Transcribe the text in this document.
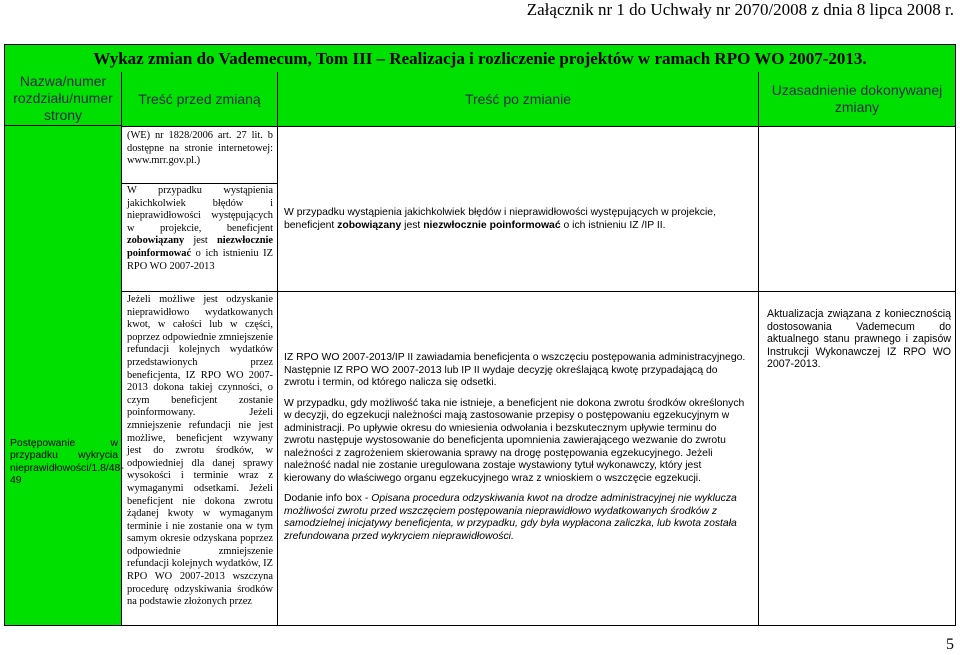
Załącznik nr 1 do Uchwały nr 2070/2008 z dnia 8 lipca 2008 r.
Wykaz zmian do Vademecum, Tom III – Realizacja i rozliczenie projektów w ramach RPO WO 2007-2013.
Nazwa/numer rozdziału/numer strony
Postępowanie w przypadku wykrycia nieprawidłowości/1.8/48-49
Treść przed zmianą
(WE) nr 1828/2006 art. 27 lit. b dostępne na stronie internetowej: www.mrr.gov.pl.)
W przypadku wystąpienia jakichkolwiek błędów i nieprawidłowości występujących w projekcie, beneficjent zobowiązany jest niezwłocznie poinformować o ich istnieniu IZ RPO WO 2007-2013
Jeżeli możliwe jest odzyskanie nieprawidłowo wydatkowanych kwot, w całości lub w części, poprzez odpowiednie zmniejszenie refundacji kolejnych wydatków przedstawionych przez beneficjenta, IZ RPO WO 2007-2013 dokona takiej czynności, o czym beneficjent zostanie poinformowany. Jeżeli zmniejszenie refundacji nie jest możliwe, beneficjent wzywany jest do zwrotu środków, w odpowiedniej dla danej sprawy wysokości i terminie wraz z wymaganymi odsetkami. Jeżeli beneficjent nie dokona zwrotu żądanej kwoty w wymaganym terminie i nie zostanie ona w tym samym okresie odzyskana poprzez odpowiednie zmniejszenie refundacji kolejnych wydatków, IZ RPO WO 2007-2013 wszczyna procedurę odzyskiwania środków na podstawie złożonych przez
Treść po zmianie
W przypadku wystąpienia jakichkolwiek błędów i nieprawidłowości występujących w projekcie, beneficjent zobowiązany jest niezwłocznie poinformować o ich istnieniu IZ /IP II.

IZ RPO WO 2007-2013/IP II zawiadamia beneficjenta o wszczęciu postępowania administracyjnego. Następnie IZ RPO WO 2007-2013 lub IP II wydaje decyzję określającą kwotę przypadającą do zwrotu i termin, od którego nalicza się odsetki.

W przypadku, gdy możliwość taka nie istnieje, a beneficjent nie dokona zwrotu środków określonych w decyzji, do egzekucji należności mają zastosowanie przepisy o postępowaniu egzekucyjnym w administracji. Po upływie okresu do wniesienia odwołania i bezskutecznym upływie terminu do zwrotu następuje wystosowanie do beneficjenta upomnienia zawierającego wezwanie do zwrotu należności z zagrożeniem skierowania sprawy na drogę postępowania egzekucyjnego. Jeżeli należność nadal nie zostanie uregulowana zostaje wystawiony tytuł wykonawczy, który jest kierowany do właściwego organu egzekucyjnego wraz z wnioskiem o wszczęcie egzekucji.

Dodanie info box - Opisana procedura odzyskiwania kwot na drodze administracyjnej nie wyklucza możliwości zwrotu przed wszczęciem postępowania nieprawidłowo wydatkowanych środków z samodzielnej inicjatywy beneficjenta, w przypadku, gdy była wypłacona zaliczka, lub kwota została zrefundowana przed wykryciem nieprawidłowości.

Uzasadnienie dokonywanej zmiany
Aktualizacja związana z koniecznością dostosowania Vademecum do aktualnego stanu prawnego i zapisów Instrukcji Wykonawczej IZ RPO WO 2007-2013.
5
